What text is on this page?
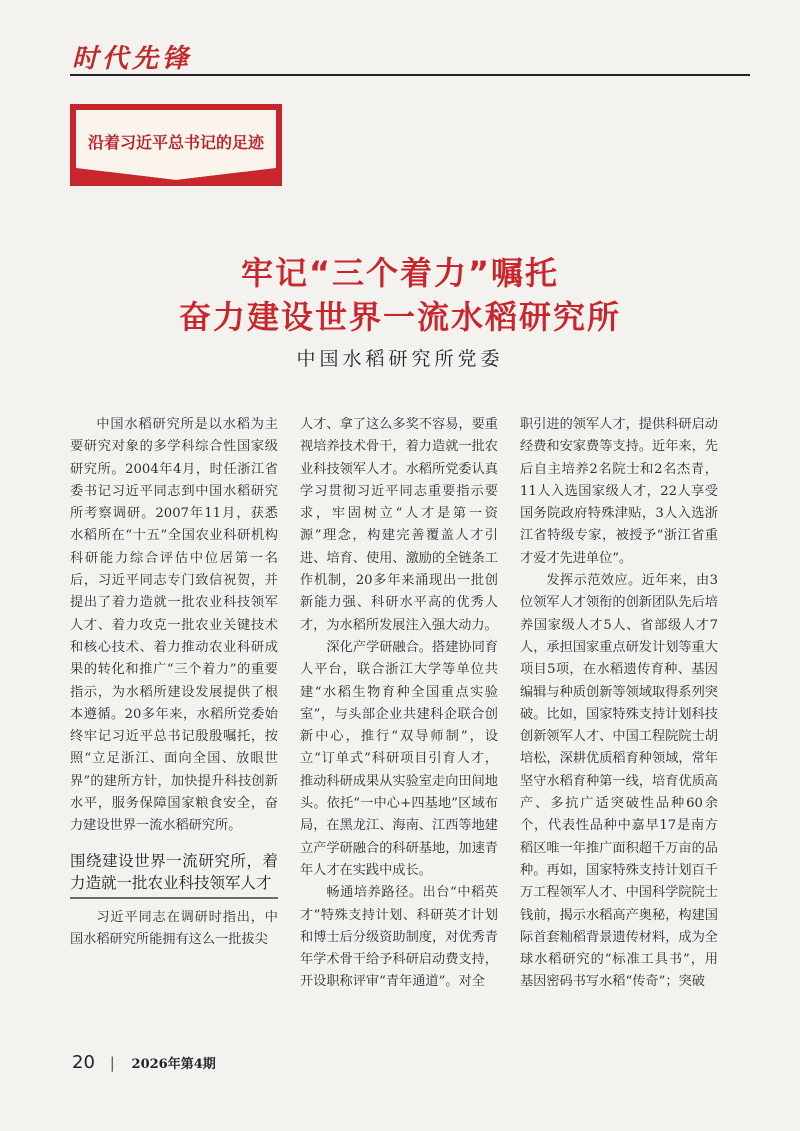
时代先锋
沿着习近平总书记的足迹
牢记“三个着力”嘱托
奋力建设世界一流水稻研究所
中国水稻研究所党委

中国水稻研究所是以水稻为主要研究对象的多学科综合性国家级研究所。2004年4月，时任浙江省委书记习近平同志到中国水稻研究所考察调研。2007年11月，获悉水稻所在“十五”全国农业科研机构科研能力综合评估中位居第一名后，习近平同志专门致信祝贺，并提出了着力造就一批农业科技领军人才、着力攻克一批农业关键技术和核心技术、着力推动农业科研成果的转化和推广“三个着力”的重要指示，为水稻所建设发展提供了根本遵循。20多年来，水稻所党委始终牢记习近平总书记殷殷嘱托，按照“立足浙江、面向全国、放眼世界”的建所方针，加快提升科技创新水平，服务保障国家粮食安全，奋力建设世界一流水稻研究所。

围绕建设世界一流研究所，着力造就一批农业科技领军人才

习近平同志在调研时指出，中国水稻研究所能拥有这么一批拔尖

人才、拿了这么多奖不容易，要重视培养技术骨干，着力造就一批农业科技领军人才。水稻所党委认真学习贯彻习近平同志重要指示要求，牢固树立“人才是第一资源”理念，构建完善覆盖人才引进、培育、使用、激励的全链条工作机制，20多年来涌现出一批创新能力强、科研水平高的优秀人才，为水稻所发展注入强大动力。

深化产学研融合。搭建协同育人平台，联合浙江大学等单位共建“水稻生物育种全国重点实验室”，与头部企业共建科企联合创新中心，推行“双导师制”，设立“订单式”科研项目引育人才，推动科研成果从实验室走向田间地头。依托“一中心+四基地”区域布局，在黑龙江、海南、江西等地建立产学研融合的科研基地，加速青年人才在实践中成长。

畅通培养路径。出台“中稻英才”特殊支持计划、科研英才计划和博士后分级资助制度，对优秀青年学术骨干给予科研启动费支持，开设职称评审“青年通道”。对全

职引进的领军人才，提供科研启动经费和安家费等支持。近年来，先后自主培养2名院士和2名杰青，11人入选国家级人才，22人享受国务院政府特殊津贴，3人入选浙江省特级专家，被授予“浙江省重才爱才先进单位”。

发挥示范效应。近年来，由3位领军人才领衔的创新团队先后培养国家级人才5人、省部级人才7人，承担国家重点研发计划等重大项目5项，在水稻遗传育种、基因编辑与种质创新等领域取得系列突破。比如，国家特殊支持计划科技创新领军人才、中国工程院院士胡培松，深耕优质稻育种领域，常年坚守水稻育种第一线，培育优质高产、多抗广适突破性品种60余个，代表性品种中嘉早17是南方稻区唯一年推广面积超千万亩的品种。再如，国家特殊支持计划百千万工程领军人才、中国科学院院士钱前，揭示水稻高产奥秘，构建国际首套籼稻背景遗传材料，成为全球水稻研究的“标准工具书”，用基因密码书写水稻“传奇”；突破

20 | 2026年第4期
